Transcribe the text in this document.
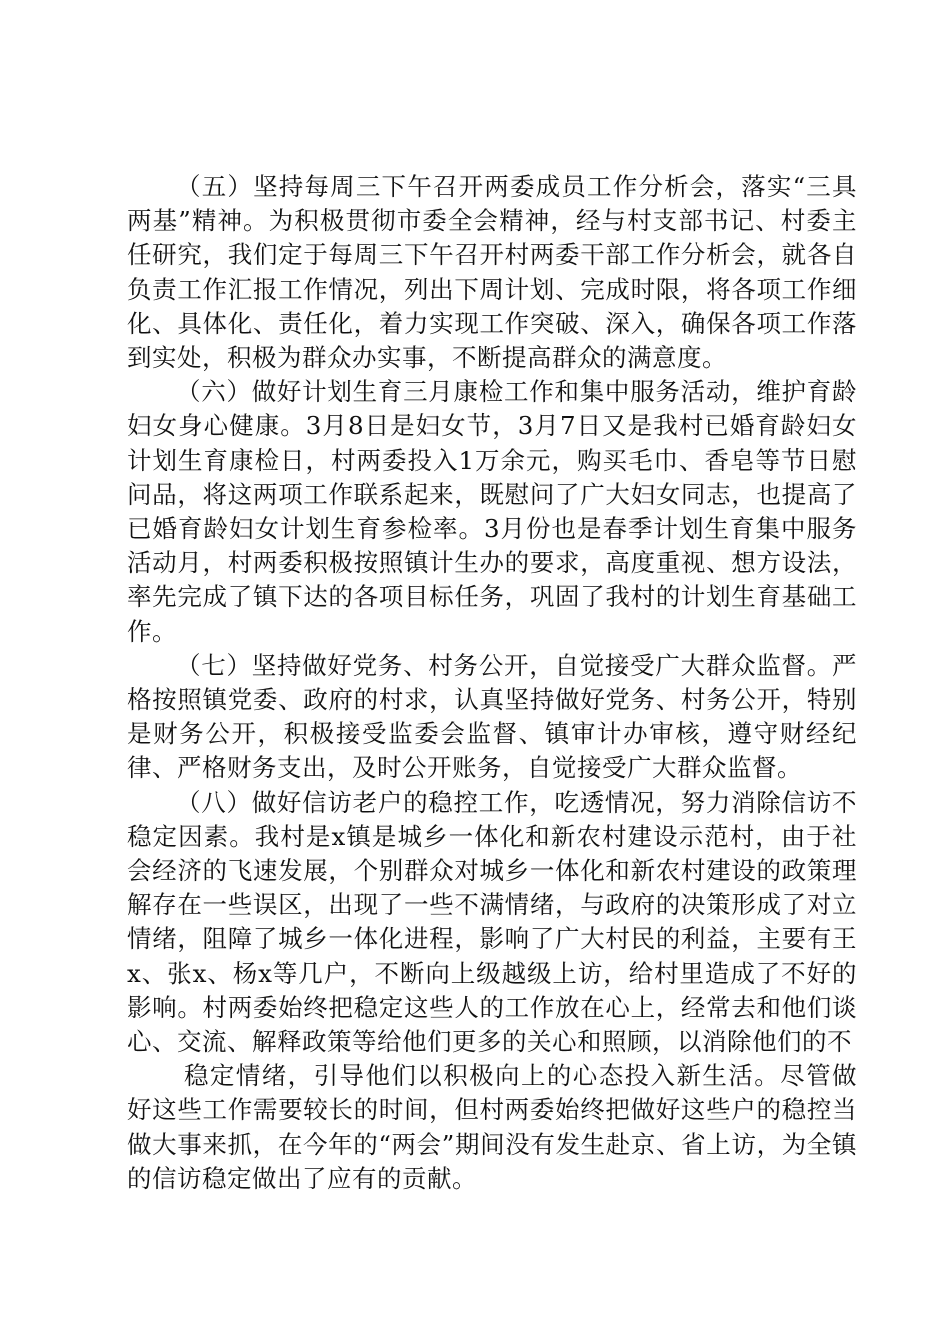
（五）坚持每周三下午召开两委成员工作分析会，落实“三具两基”精神。为积极贯彻市委全会精神，经与村支部书记、村委主任研究，我们定于每周三下午召开村两委干部工作分析会，就各自负责工作汇报工作情况，列出下周计划、完成时限，将各项工作细化、具体化、责任化，着力实现工作突破、深入，确保各项工作落到实处，积极为群众办实事，不断提高群众的满意度。

（六）做好计划生育三月康检工作和集中服务活动，维护育龄妇女身心健康。3月8日是妇女节，3月7日又是我村已婚育龄妇女计划生育康检日，村两委投入1万余元，购买毛巾、香皂等节日慰问品，将这两项工作联系起来，既慰问了广大妇女同志，也提高了已婚育龄妇女计划生育参检率。3月份也是春季计划生育集中服务活动月，村两委积极按照镇计生办的要求，高度重视、想方设法，率先完成了镇下达的各项目标任务，巩固了我村的计划生育基础工作。

（七）坚持做好党务、村务公开，自觉接受广大群众监督。严格按照镇党委、政府的村求，认真坚持做好党务、村务公开，特别是财务公开，积极接受监委会监督、镇审计办审核，遵守财经纪律、严格财务支出，及时公开账务，自觉接受广大群众监督。

（八）做好信访老户的稳控工作，吃透情况，努力消除信访不稳定因素。我村是x镇是城乡一体化和新农村建设示范村，由于社会经济的飞速发展，个别群众对城乡一体化和新农村建设的政策理解存在一些误区，出现了一些不满情绪，与政府的决策形成了对立情绪，阻障了城乡一体化进程，影响了广大村民的利益，主要有王x、张x、杨x等几户，不断向上级越级上访，给村里造成了不好的影响。村两委始终把稳定这些人的工作放在心上，经常去和他们谈心、交流、解释政策等给他们更多的关心和照顾，以消除他们的不

稳定情绪，引导他们以积极向上的心态投入新生活。尽管做好这些工作需要较长的时间，但村两委始终把做好这些户的稳控当做大事来抓，在今年的“两会”期间没有发生赴京、省上访，为全镇的信访稳定做出了应有的贡献。
